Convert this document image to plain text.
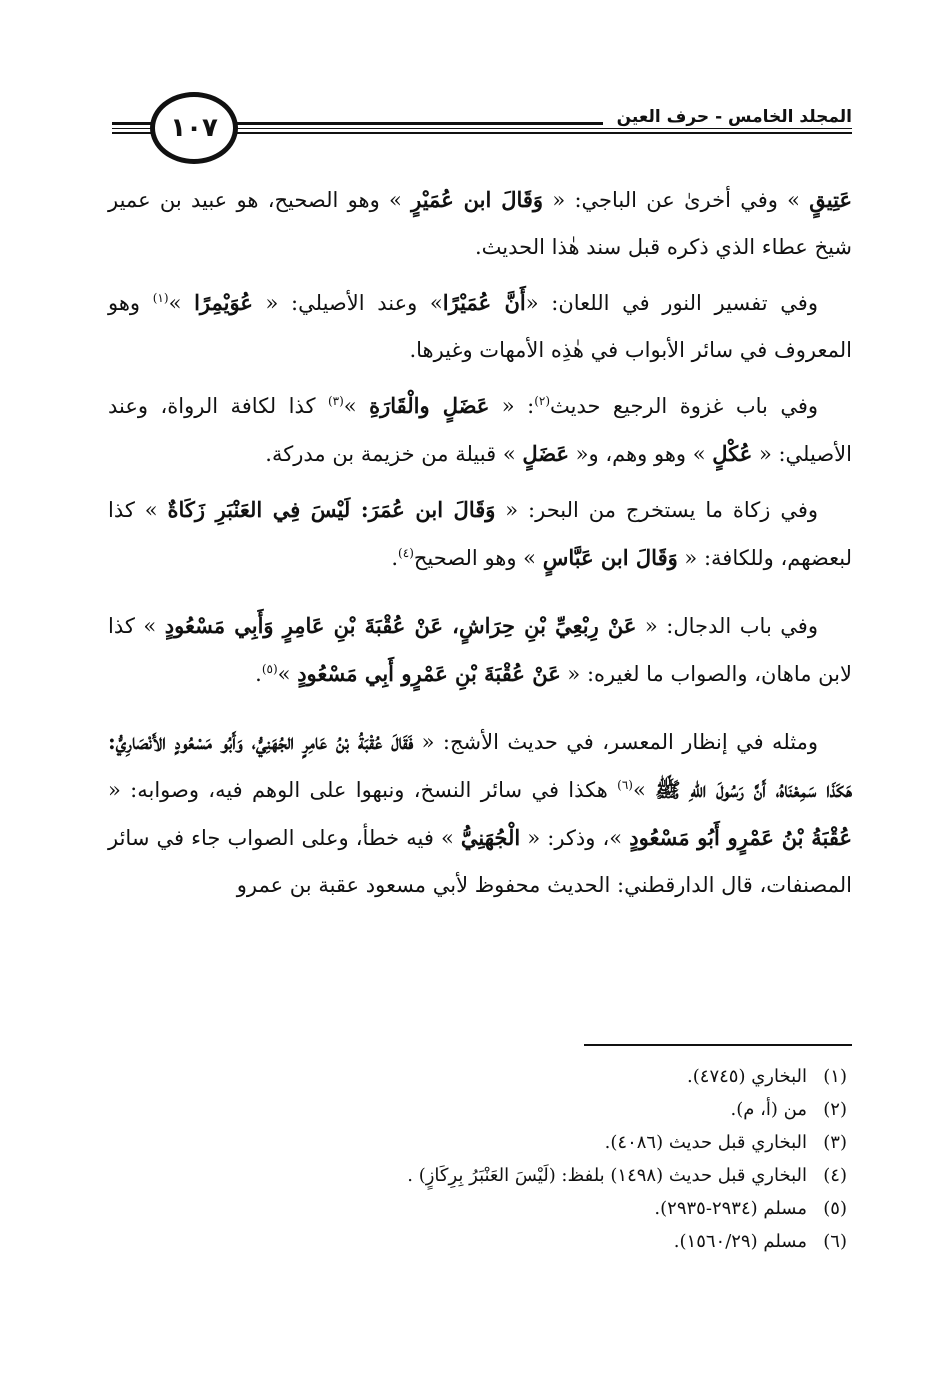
المجلد الخامس - حرف العين
١٠٧

عَتِيقٍ » وفي أخرىٰ عن الباجي: « وَقَالَ ابن عُمَيْرٍ » وهو الصحيح، هو عبيد بن عمير شيخ عطاء الذي ذكره قبل سند هٰذا الحديث.

وفي تفسير النور في اللعان: «أَنَّ عُمَيْرًا» وعند الأصيلي: « عُوَيْمِرًا »$^{(١)}$ وهو المعروف في سائر الأبواب في هٰذِه الأمهات وغيرها.

وفي باب غزوة الرجيع حديث$^{(٢)}$: « عَضَلٍ والْقَارَةِ »$^{(٣)}$ كذا لكافة الرواة، وعند الأصيلي: « عُكْلٍ » وهو وهم، و« عَضَلٍ » قبيلة من خزيمة بن مدركة.

وفي زكاة ما يستخرج من البحر: « وَقَالَ ابن عُمَرَ: لَيْسَ فِي العَنْبَرِ زَكَاةٌ » كذا لبعضهم، وللكافة: « وَقَالَ ابن عَبَّاسٍ » وهو الصحيح$^{(٤)}$.

وفي باب الدجال: « عَنْ رِبْعِيِّ بْنِ حِرَاشٍ، عَنْ عُقْبَةَ بْنِ عَامِرٍ وَأَبِي مَسْعُودٍ » كذا لابن ماهان، والصواب ما لغيره: « عَنْ عُقْبَةَ بْنِ عَمْرٍو أَبِي مَسْعُودٍ »$^{(٥)}$.

ومثله في إنظار المعسر، في حديث الأشج: « فَقَالَ عُقْبَةُ بْنُ عَامِرٍ الجُهَنِيُّ، وَأَبُو مَسْعُودٍ الأَنْصَارِيُّ: هَكَذَا سَمِعْنَاهُ، أَنَّ رَسُولَ اللهِ ﷺ »$^{(٦)}$ هكذا في سائر النسخ، ونبهوا على الوهم فيه، وصوابه: « عُقْبَةُ بْنُ عَمْرٍو أَبُو مَسْعُودٍ »، وذكر: « الْجُهَنِيُّ » فيه خطأ، وعلى الصواب جاء في سائر المصنفات، قال الدارقطني: الحديث محفوظ لأبي مسعود عقبة بن عمرو

(١)البخاري (٤٧٤٥).
(٢)من (أ، م).
(٣)البخاري قبل حديث (٤٠٨٦).
(٤)البخاري قبل حديث (١٤٩٨) بلفظ: (لَيْسَ العَنْبَرُ بِرِكَازٍ) .
(٥)مسلم (٢٩٣٤-٢٩٣٥).
(٦)مسلم (١٥٦٠/٢٩).
